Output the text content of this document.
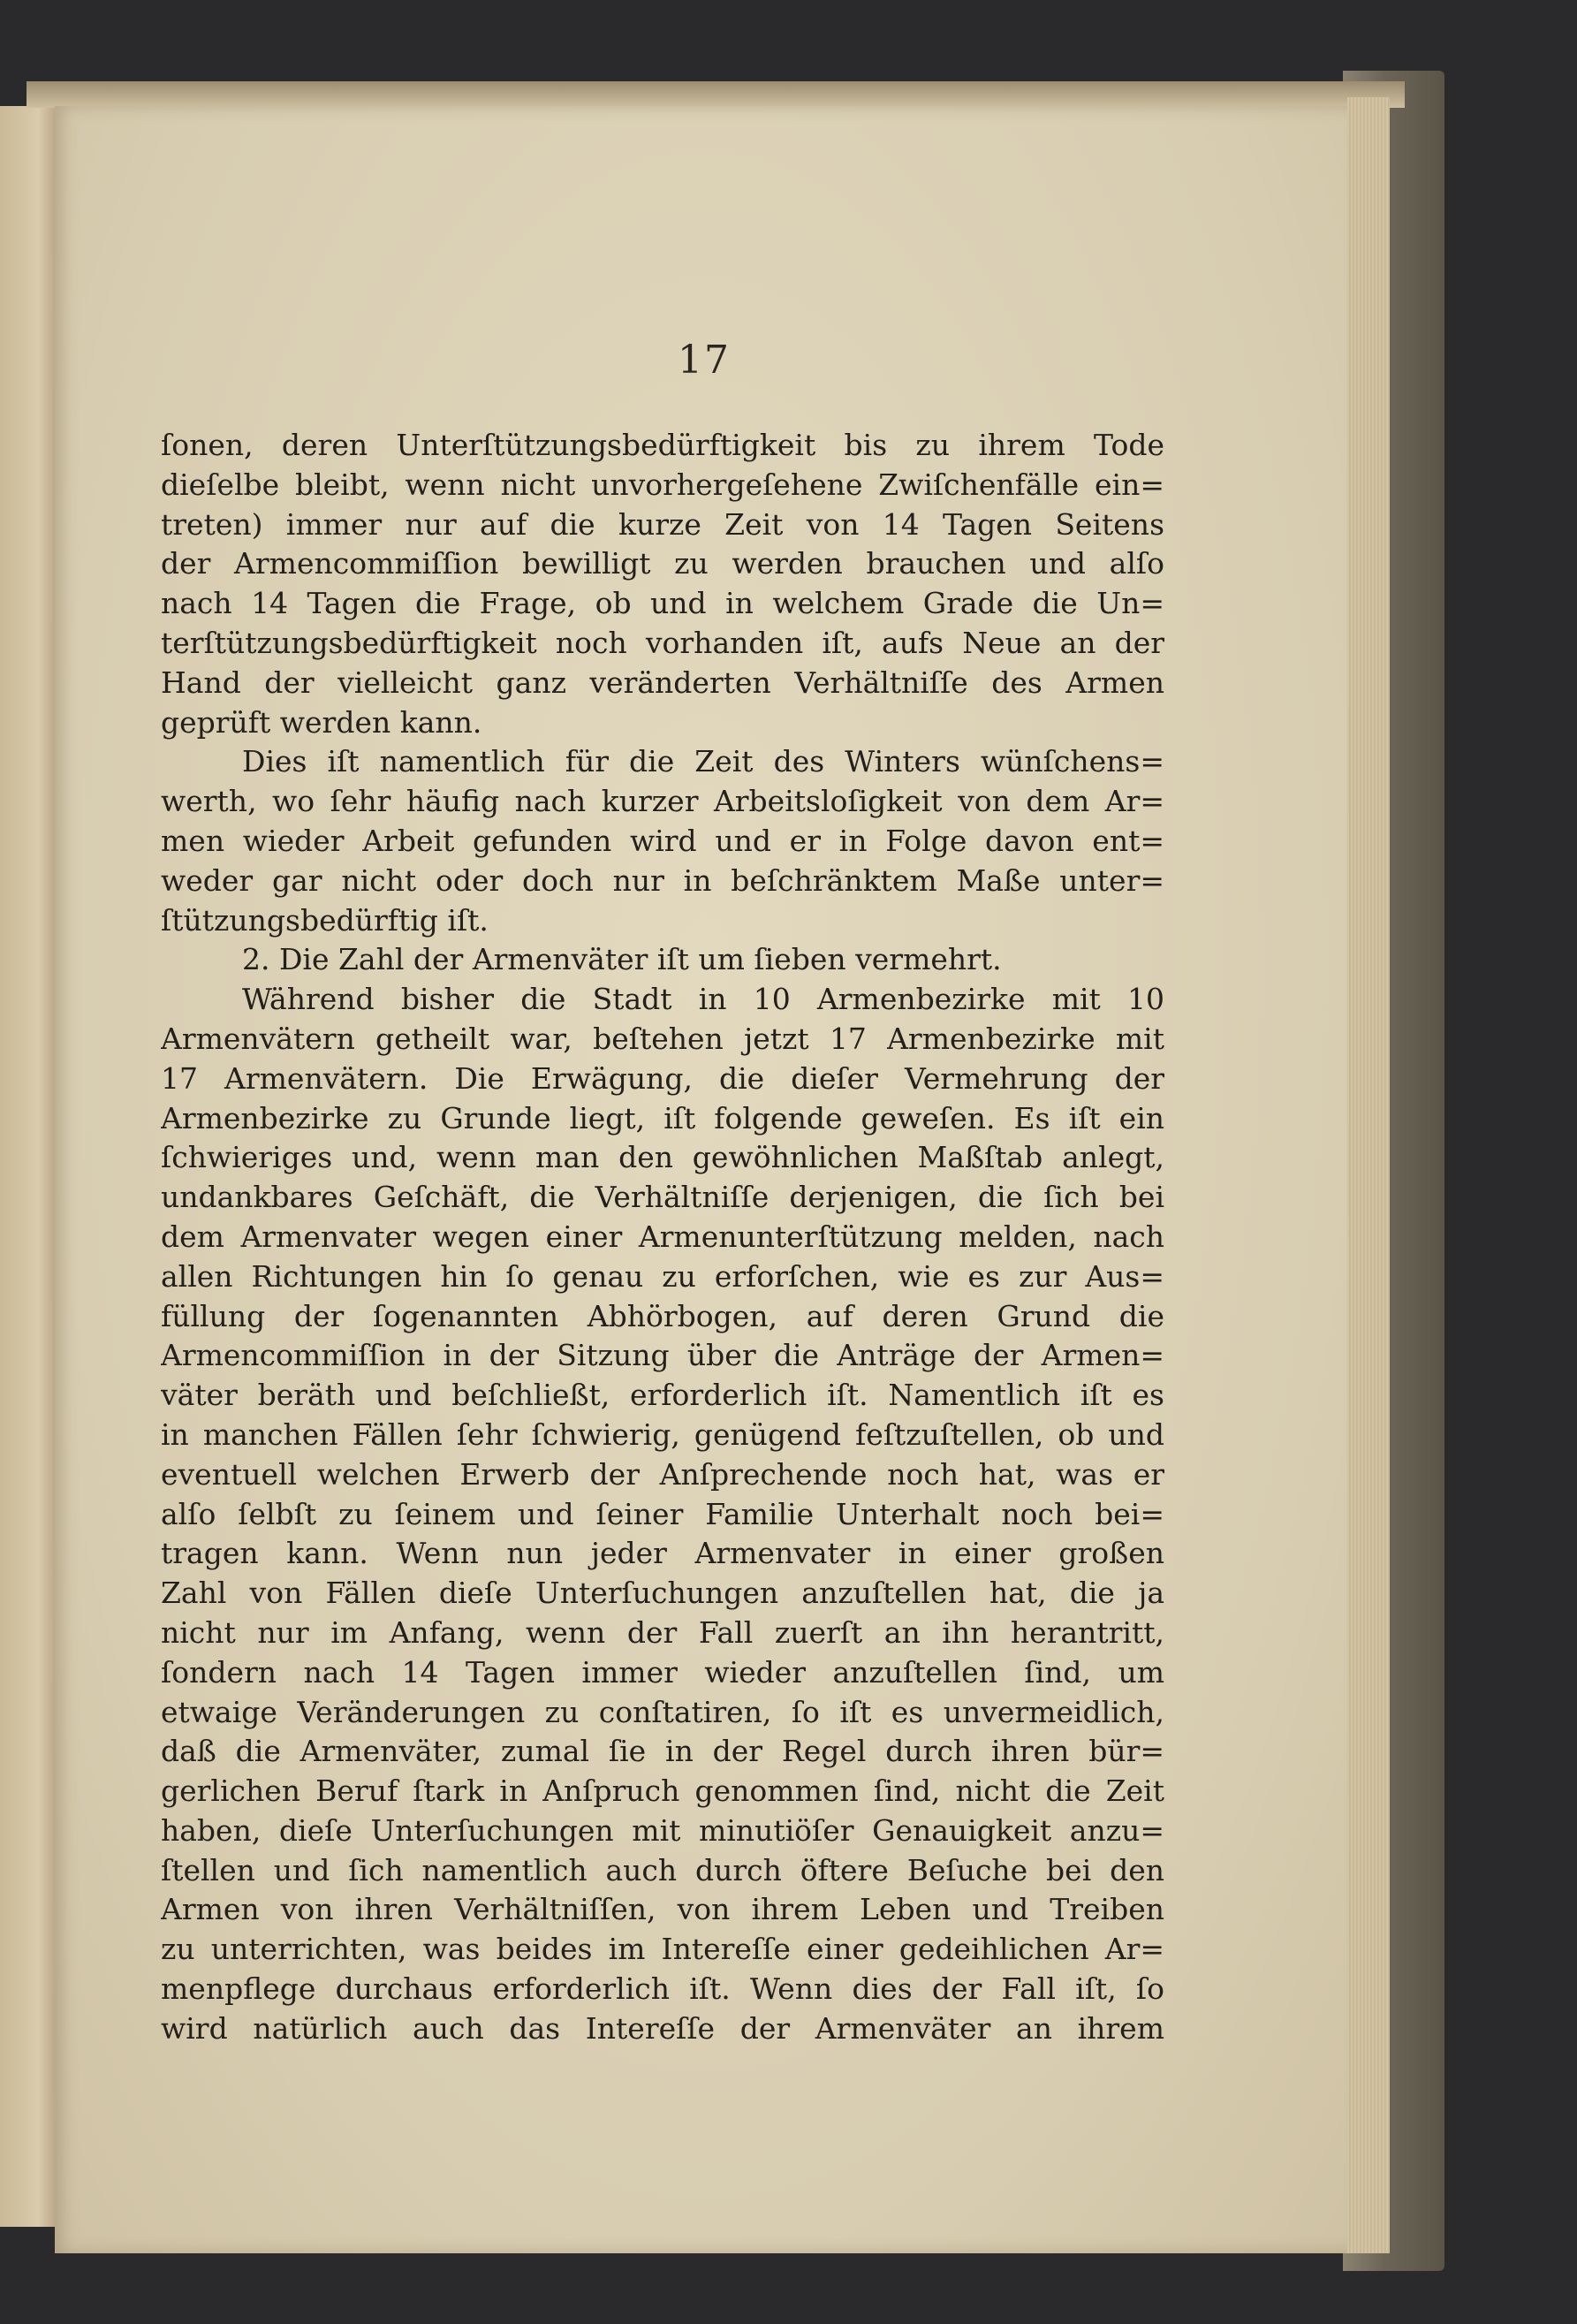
17
ſonen, deren Unterſtützungsbedürftigkeit bis zu ihrem Tode
dieſelbe bleibt, wenn nicht unvorhergeſehene Zwiſchenfälle ein=
treten) immer nur auf die kurze Zeit von 14 Tagen Seitens
der Armencommiſſion bewilligt zu werden brauchen und alſo
nach 14 Tagen die Frage, ob und in welchem Grade die Un=
terſtützungsbedürftigkeit noch vorhanden iſt, aufs Neue an der
Hand der vielleicht ganz veränderten Verhältniſſe des Armen
geprüft werden kann.
Dies iſt namentlich für die Zeit des Winters wünſchens=
werth, wo ſehr häufig nach kurzer Arbeitsloſigkeit von dem Ar=
men wieder Arbeit gefunden wird und er in Folge davon ent=
weder gar nicht oder doch nur in beſchränktem Maße unter=
ſtützungsbedürftig iſt.
2. Die Zahl der Armenväter iſt um ſieben vermehrt.
Während bisher die Stadt in 10 Armenbezirke mit 10
Armenvätern getheilt war, beſtehen jetzt 17 Armenbezirke mit
17 Armenvätern. Die Erwägung, die dieſer Vermehrung der
Armenbezirke zu Grunde liegt, iſt folgende geweſen. Es iſt ein
ſchwieriges und, wenn man den gewöhnlichen Maßſtab anlegt,
undankbares Geſchäft, die Verhältniſſe derjenigen, die ſich bei
dem Armenvater wegen einer Armenunterſtützung melden, nach
allen Richtungen hin ſo genau zu erforſchen, wie es zur Aus=
füllung der ſogenannten Abhörbogen, auf deren Grund die
Armencommiſſion in der Sitzung über die Anträge der Armen=
väter beräth und beſchließt, erforderlich iſt. Namentlich iſt es
in manchen Fällen ſehr ſchwierig, genügend feſtzuſtellen, ob und
eventuell welchen Erwerb der Anſprechende noch hat, was er
alſo ſelbſt zu ſeinem und ſeiner Familie Unterhalt noch bei=
tragen kann. Wenn nun jeder Armenvater in einer großen
Zahl von Fällen dieſe Unterſuchungen anzuſtellen hat, die ja
nicht nur im Anfang, wenn der Fall zuerſt an ihn herantritt,
ſondern nach 14 Tagen immer wieder anzuſtellen ſind, um
etwaige Veränderungen zu conſtatiren, ſo iſt es unvermeidlich,
daß die Armenväter, zumal ſie in der Regel durch ihren bür=
gerlichen Beruf ſtark in Anſpruch genommen ſind, nicht die Zeit
haben, dieſe Unterſuchungen mit minutiöſer Genauigkeit anzu=
ſtellen und ſich namentlich auch durch öftere Beſuche bei den
Armen von ihren Verhältniſſen, von ihrem Leben und Treiben
zu unterrichten, was beides im Intereſſe einer gedeihlichen Ar=
menpflege durchaus erforderlich iſt. Wenn dies der Fall iſt, ſo
wird natürlich auch das Intereſſe der Armenväter an ihrem
